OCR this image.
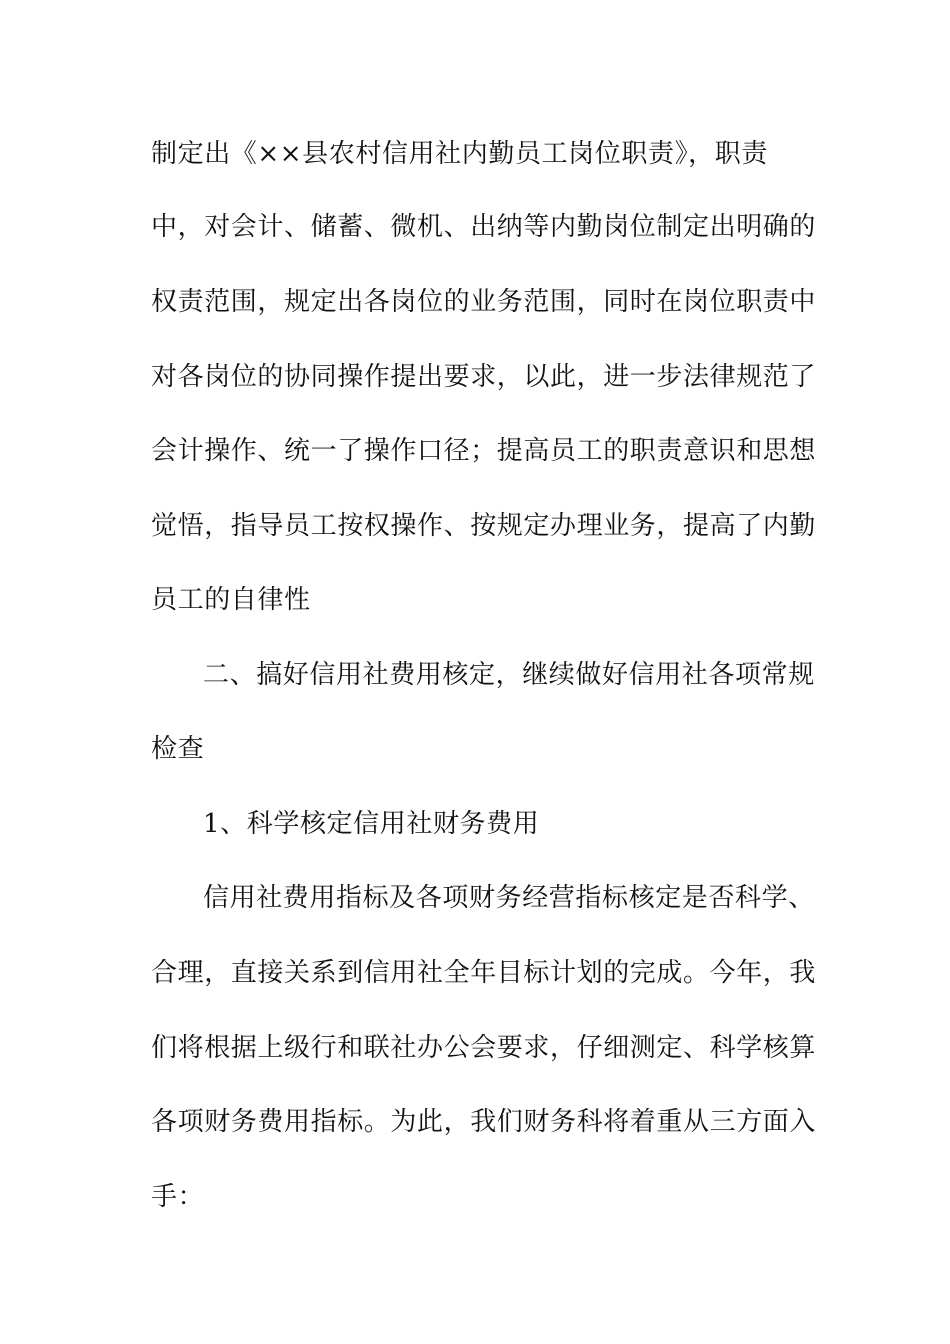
制定出《××县农村信用社内勤员工岗位职责》，职责
中，对会计、储蓄、微机、出纳等内勤岗位制定出明确的
权责范围，规定出各岗位的业务范围，同时在岗位职责中
对各岗位的协同操作提出要求，以此，进一步法律规范了
会计操作、统一了操作口径；提高员工的职责意识和思想
觉悟，指导员工按权操作、按规定办理业务，提高了内勤
员工的自律性
二、搞好信用社费用核定，继续做好信用社各项常规
检查
1、科学核定信用社财务费用
信用社费用指标及各项财务经营指标核定是否科学、
合理，直接关系到信用社全年目标计划的完成。今年，我
们将根据上级行和联社办公会要求，仔细测定、科学核算
各项财务费用指标。为此，我们财务科将着重从三方面入
手：
